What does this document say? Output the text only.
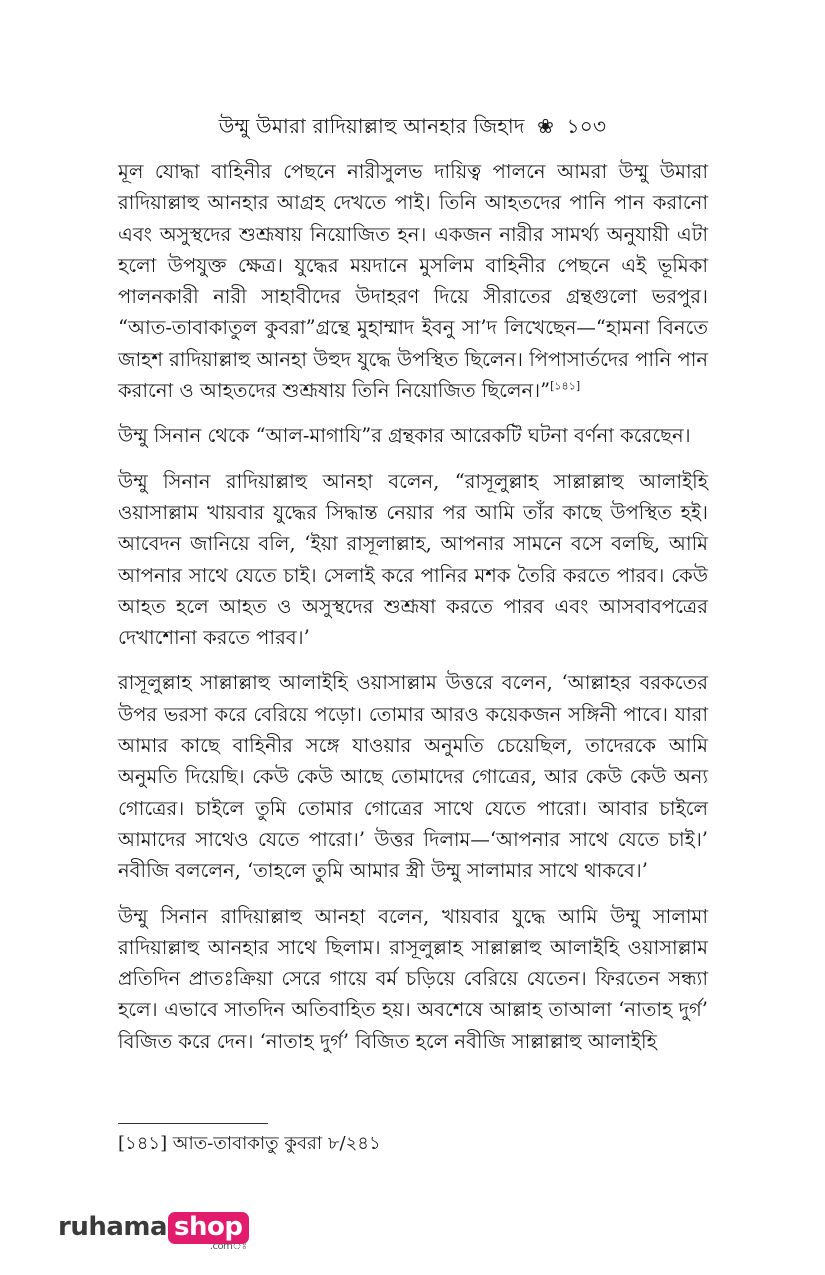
উম্মু উমারা রাদিয়াল্লাহু আনহার জিহাদ ❀ ১০৩

মূল যোদ্ধা বাহিনীর পেছনে নারীসুলভ দায়িত্ব পালনে আমরা উম্মু উমারা রাদিয়াল্লাহু আনহার আগ্রহ দেখতে পাই। তিনি আহতদের পানি পান করানো এবং অসুস্থদের শুশ্রূষায় নিয়োজিত হন। একজন নারীর সামর্থ্য অনুযায়ী এটা হলো উপযুক্ত ক্ষেত্র। যুদ্ধের ময়দানে মুসলিম বাহিনীর পেছনে এই ভূমিকা পালনকারী নারী সাহাবীদের উদাহরণ দিয়ে সীরাতের গ্রন্থগুলো ভরপুর। “আত-তাবাকাতুল কুবরা”গ্রন্থে মুহাম্মাদ ইবনু সা’দ লিখেছেন—“হামনা বিনতে জাহশ রাদিয়াল্লাহু আনহা উহুদ যুদ্ধে উপস্থিত ছিলেন। পিপাসার্তদের পানি পান করানো ও আহতদের শুশ্রূষায় তিনি নিয়োজিত ছিলেন।”[১৪১]

উম্মু সিনান থেকে “আল-মাগাযি”র গ্রন্থকার আরেকটি ঘটনা বর্ণনা করেছেন।

উম্মু সিনান রাদিয়াল্লাহু আনহা বলেন, “রাসূলুল্লাহ সাল্লাল্লাহু আলাইহি ওয়াসাল্লাম খায়বার যুদ্ধের সিদ্ধান্ত নেয়ার পর আমি তাঁর কাছে উপস্থিত হই। আবেদন জানিয়ে বলি, ‘ইয়া রাসূলাল্লাহ, আপনার সামনে বসে বলছি, আমি আপনার সাথে যেতে চাই। সেলাই করে পানির মশক তৈরি করতে পারব। কেউ আহত হলে আহত ও অসুস্থদের শুশ্রূষা করতে পারব এবং আসবাবপত্রের দেখাশোনা করতে পারব।’

রাসূলুল্লাহ সাল্লাল্লাহু আলাইহি ওয়াসাল্লাম উত্তরে বলেন, ‘আল্লাহর বরকতের উপর ভরসা করে বেরিয়ে পড়ো। তোমার আরও কয়েকজন সঙ্গিনী পাবে। যারা আমার কাছে বাহিনীর সঙ্গে যাওয়ার অনুমতি চেয়েছিল, তাদেরকে আমি অনুমতি দিয়েছি। কেউ কেউ আছে তোমাদের গোত্রের, আর কেউ কেউ অন্য গোত্রের। চাইলে তুমি তোমার গোত্রের সাথে যেতে পারো। আবার চাইলে আমাদের সাথেও যেতে পারো।’ উত্তর দিলাম—‘আপনার সাথে যেতে চাই।’ নবীজি বললেন, ‘তাহলে তুমি আমার স্ত্রী উম্মু সালামার সাথে থাকবে।’

উম্মু সিনান রাদিয়াল্লাহু আনহা বলেন, খায়বার যুদ্ধে আমি উম্মু সালামা রাদিয়াল্লাহু আনহার সাথে ছিলাম। রাসূলুল্লাহ সাল্লাল্লাহু আলাইহি ওয়াসাল্লাম প্রতিদিন প্রাতঃক্রিয়া সেরে গায়ে বর্ম চড়িয়ে বেরিয়ে যেতেন। ফিরতেন সন্ধ্যা হলে। এভাবে সাতদিন অতিবাহিত হয়। অবশেষে আল্লাহ তাআলা ‘নাতাহ দুর্গ’ বিজিত করে দেন। ‘নাতাহ দুর্গ’ বিজিত হলে নবীজি সাল্লাল্লাহু আলাইহি

[১৪১] আত-তাবাকাতু কুবরা ৮/২৪১
ruhama shop
.comঃ
